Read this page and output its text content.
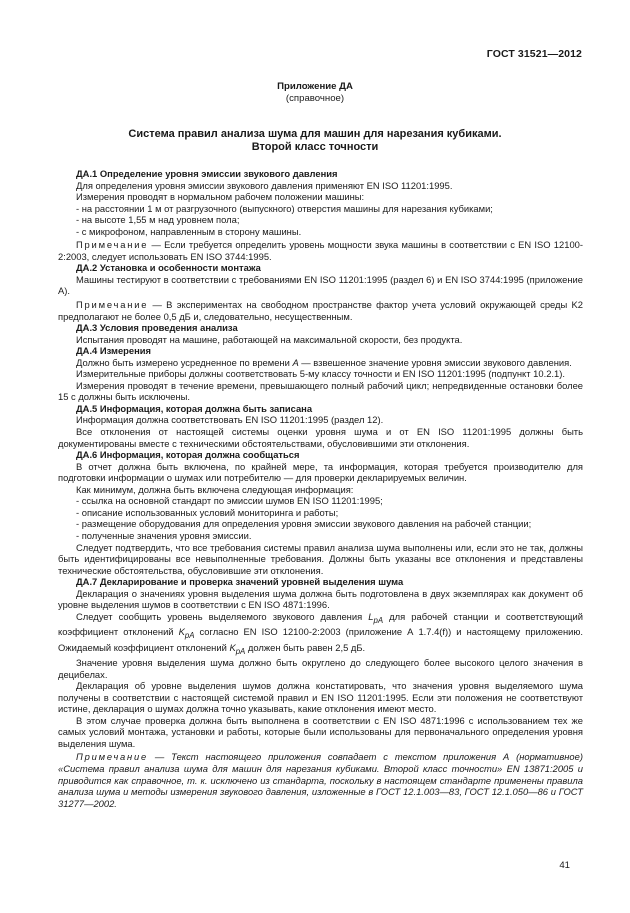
ГОСТ 31521—2012
Приложение ДА
(справочное)
Система правил анализа шума для машин для нарезания кубиками.
Второй класс точности

ДА.1 Определение уровня эмиссии звукового давления

Для определения уровня эмиссии звукового давления применяют EN ISO 11201:1995.

Измерения проводят в нормальном рабочем положении машины:

- на расстоянии 1 м от разгрузочного (выпускного) отверстия машины для нарезания кубиками;

- на высоте 1,55 м над уровнем пола;

- с микрофоном, направленным в сторону машины.

Примечание — Если требуется определить уровень мощности звука машины в соответствии с EN ISO 12100-2:2003, следует использовать EN ISO 3744:1995.

ДА.2 Установка и особенности монтажа

Машины тестируют в соответствии с требованиями EN ISO 11201:1995 (раздел 6) и EN ISO 3744:1995 (приложение А).

Примечание — В экспериментах на свободном пространстве фактор учета условий окружающей среды K2 предполагают не более 0,5 дБ и, следовательно, несущественным.

ДА.3 Условия проведения анализа

Испытания проводят на машине, работающей на максимальной скорости, без продукта.

ДА.4 Измерения

Должно быть измерено усредненное по времени A — взвешенное значение уровня эмиссии звукового давления.

Измерительные приборы должны соответствовать 5-му классу точности и EN ISO 11201:1995 (подпункт 10.2.1).

Измерения проводят в течение времени, превышающего полный рабочий цикл; непредвиденные остановки более 15 с должны быть исключены.

ДА.5 Информация, которая должна быть записана

Информация должна соответствовать EN ISO 11201:1995 (раздел 12).

Все отклонения от настоящей системы оценки уровня шума и от EN ISO 11201:1995 должны быть документированы вместе с техническими обстоятельствами, обусловившими эти отклонения.

ДА.6 Информация, которая должна сообщаться

В отчет должна быть включена, по крайней мере, та информация, которая требуется производителю для подготовки информации о шумах или потребителю — для проверки декларируемых величин.

Как минимум, должна быть включена следующая информация:

- ссылка на основной стандарт по эмиссии шумов EN ISO 11201:1995;

- описание использованных условий мониторинга и работы;

- размещение оборудования для определения уровня эмиссии звукового давления на рабочей станции;

- полученные значения уровня эмиссии.

Следует подтвердить, что все требования системы правил анализа шума выполнены или, если это не так, должны быть идентифицированы все невыполненные требования. Должны быть указаны все отклонения и представлены технические обстоятельства, обусловившие эти отклонения.

ДА.7 Декларирование и проверка значений уровней выделения шума

Декларация о значениях уровня выделения шума должна быть подготовлена в двух экземплярах как документ об уровне выделения шумов в соответствии с EN ISO 4871:1996.

Следует сообщить уровень выделяемого звукового давления $L_{pA}$ для рабочей станции и соответствующий коэффициент отклонений $K_{pA}$ согласно EN ISO 12100-2:2003 (приложение А 1.7.4(f)) и настоящему приложению. Ожидаемый коэффициент отклонений $K_{pA}$ должен быть равен 2,5 дБ.

Значение уровня выделения шума должно быть округлено до следующего более высокого целого значения в децибелах.

Декларация об уровне выделения шумов должна констатировать, что значения уровня выделяемого шума получены в соответствии с настоящей системой правил и EN ISO 11201:1995. Если эти положения не соответствуют истине, декларация о шумах должна точно указывать, какие отклонения имеют место.

В этом случае проверка должна быть выполнена в соответствии с EN ISO 4871:1996 с использованием тех же самых условий монтажа, установки и работы, которые были использованы для первоначального определения уровня выделения шума.

Примечание — Текст настоящего приложения совпадает с текстом приложения А (нормативное) «Система правил анализа шума для машин для нарезания кубиками. Второй класс точности» EN 13871:2005 и приводится как справочное, т. к. исключено из стандарта, поскольку в настоящем стандарте применены правила анализа шума и методы измерения звукового давления, изложенные в ГОСТ 12.1.003—83, ГОСТ 12.1.050—86 и ГОСТ 31277—2002.

41
